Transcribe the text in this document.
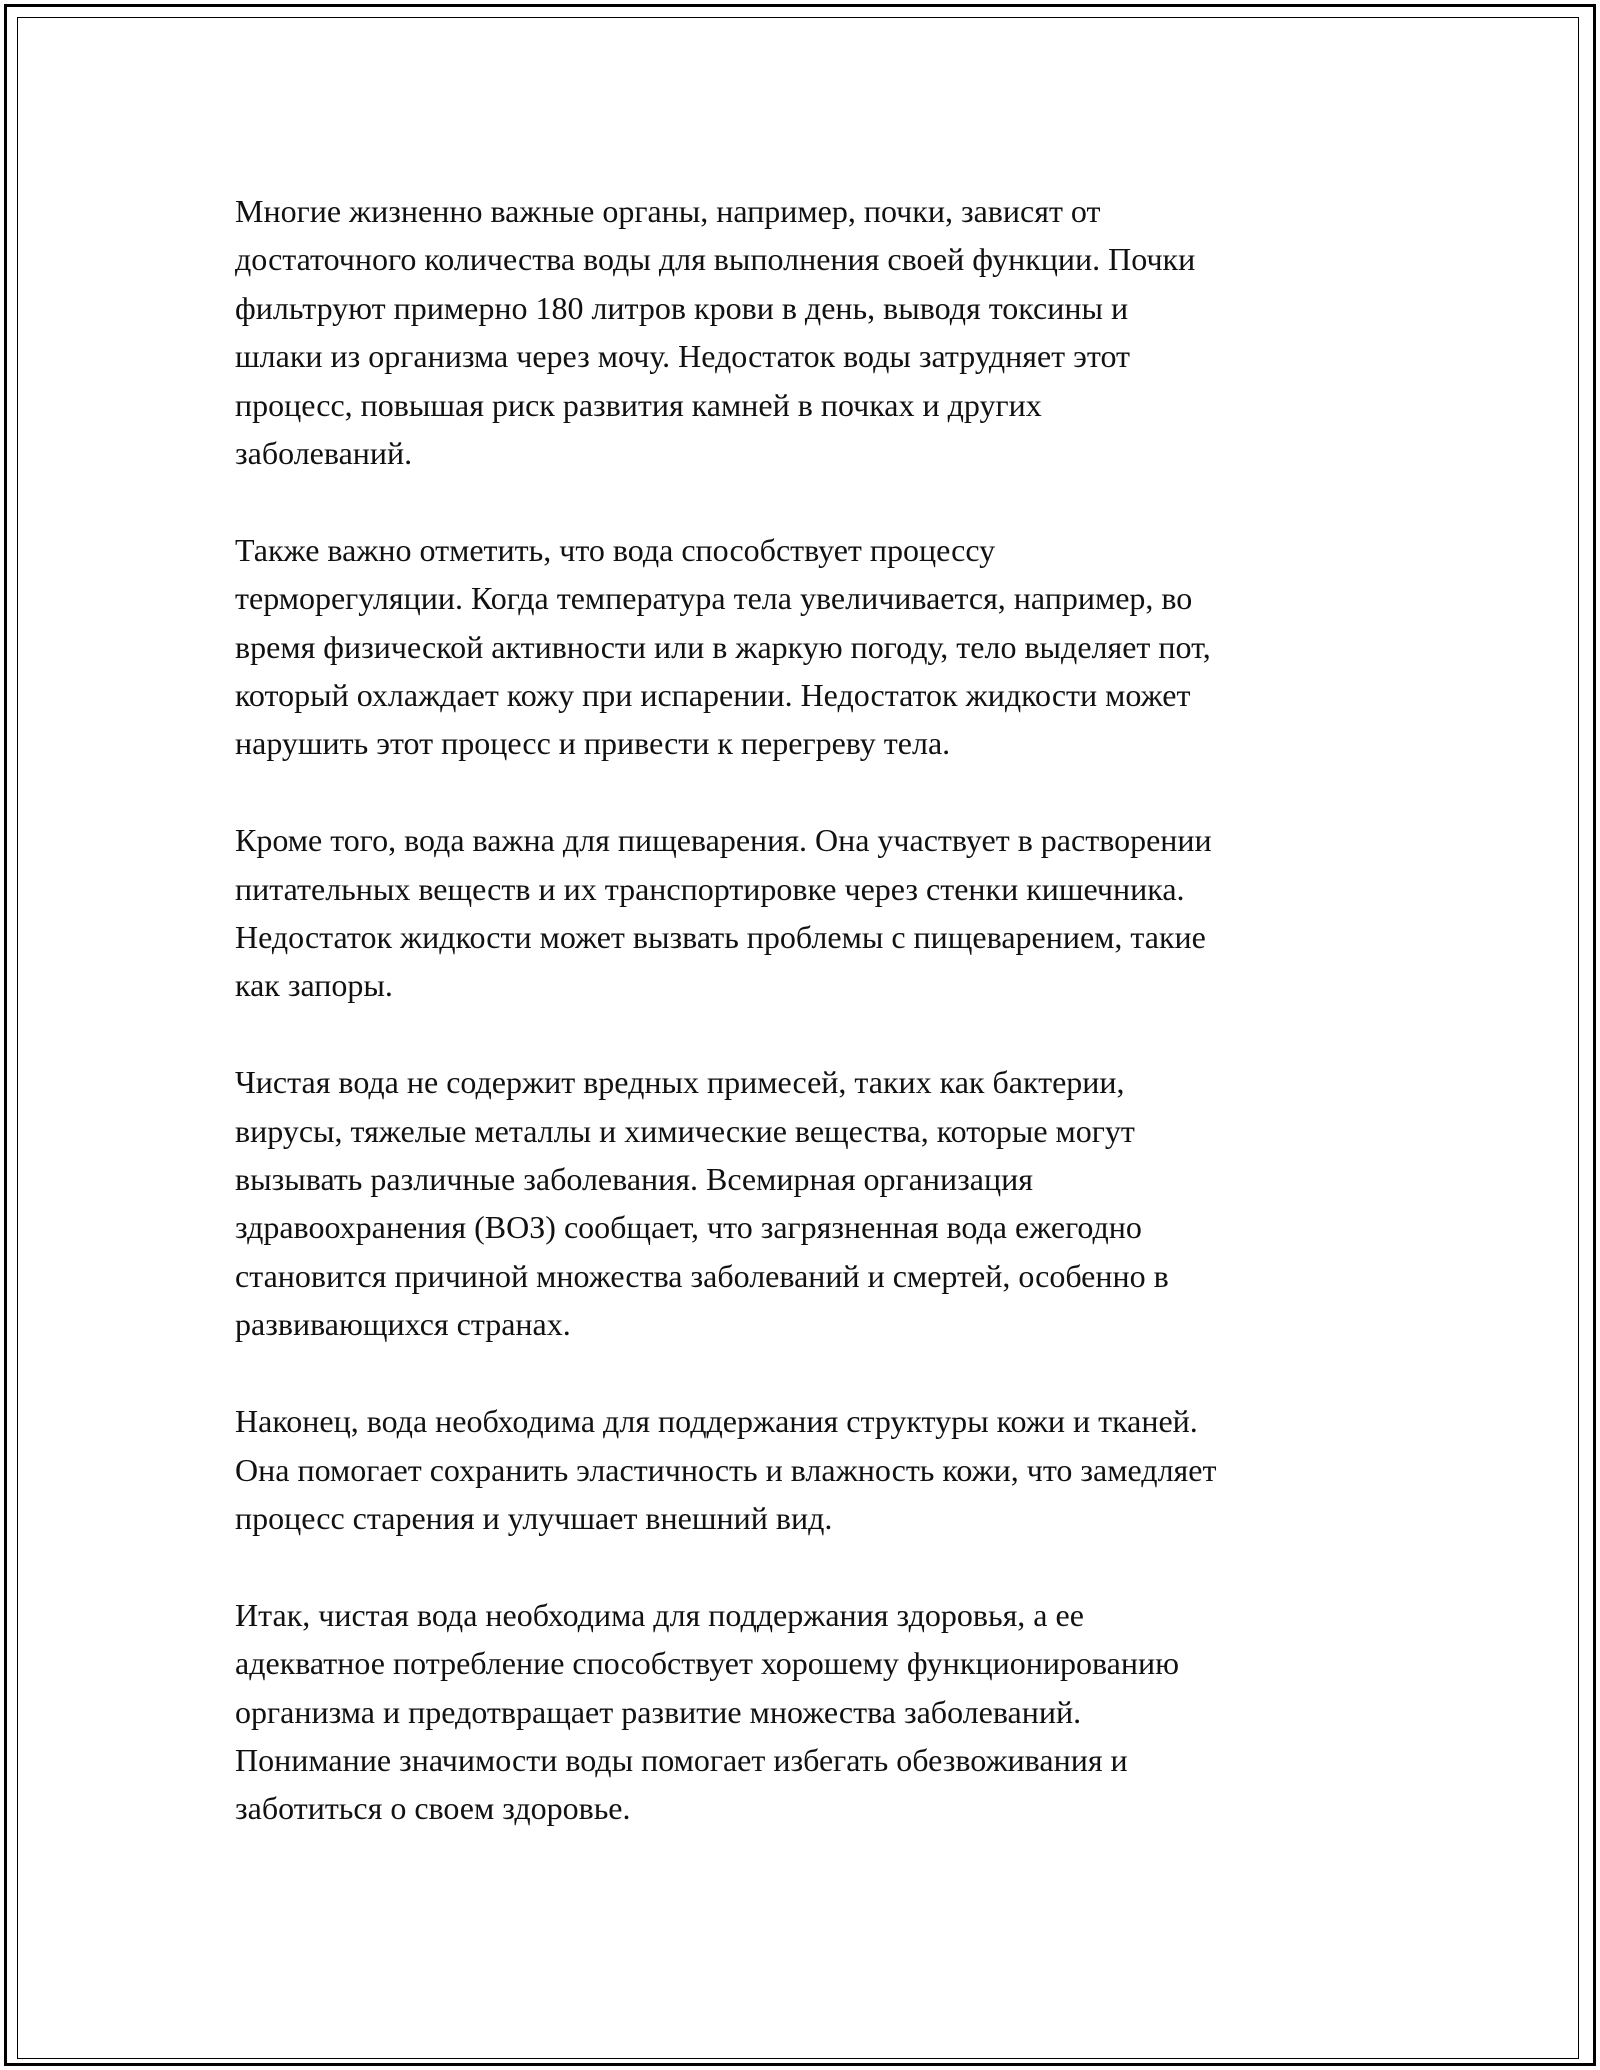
Многие жизненно важные органы, например, почки, зависят от
достаточного количества воды для выполнения своей функции. Почки
фильтруют примерно 180 литров крови в день, выводя токсины и
шлаки из организма через мочу. Недостаток воды затрудняет этот
процесс, повышая риск развития камней в почках и других
заболеваний.

Также важно отметить, что вода способствует процессу
терморегуляции. Когда температура тела увеличивается, например, во
время физической активности или в жаркую погоду, тело выделяет пот,
который охлаждает кожу при испарении. Недостаток жидкости может
нарушить этот процесс и привести к перегреву тела.

Кроме того, вода важна для пищеварения. Она участвует в растворении
питательных веществ и их транспортировке через стенки кишечника.
Недостаток жидкости может вызвать проблемы с пищеварением, такие
как запоры.

Чистая вода не содержит вредных примесей, таких как бактерии,
вирусы, тяжелые металлы и химические вещества, которые могут
вызывать различные заболевания. Всемирная организация
здравоохранения (ВОЗ) сообщает, что загрязненная вода ежегодно
становится причиной множества заболеваний и смертей, особенно в
развивающихся странах.

Наконец, вода необходима для поддержания структуры кожи и тканей.
Она помогает сохранить эластичность и влажность кожи, что замедляет
процесс старения и улучшает внешний вид.

Итак, чистая вода необходима для поддержания здоровья, а ее
адекватное потребление способствует хорошему функционированию
организма и предотвращает развитие множества заболеваний.
Понимание значимости воды помогает избегать обезвоживания и
заботиться о своем здоровье.
